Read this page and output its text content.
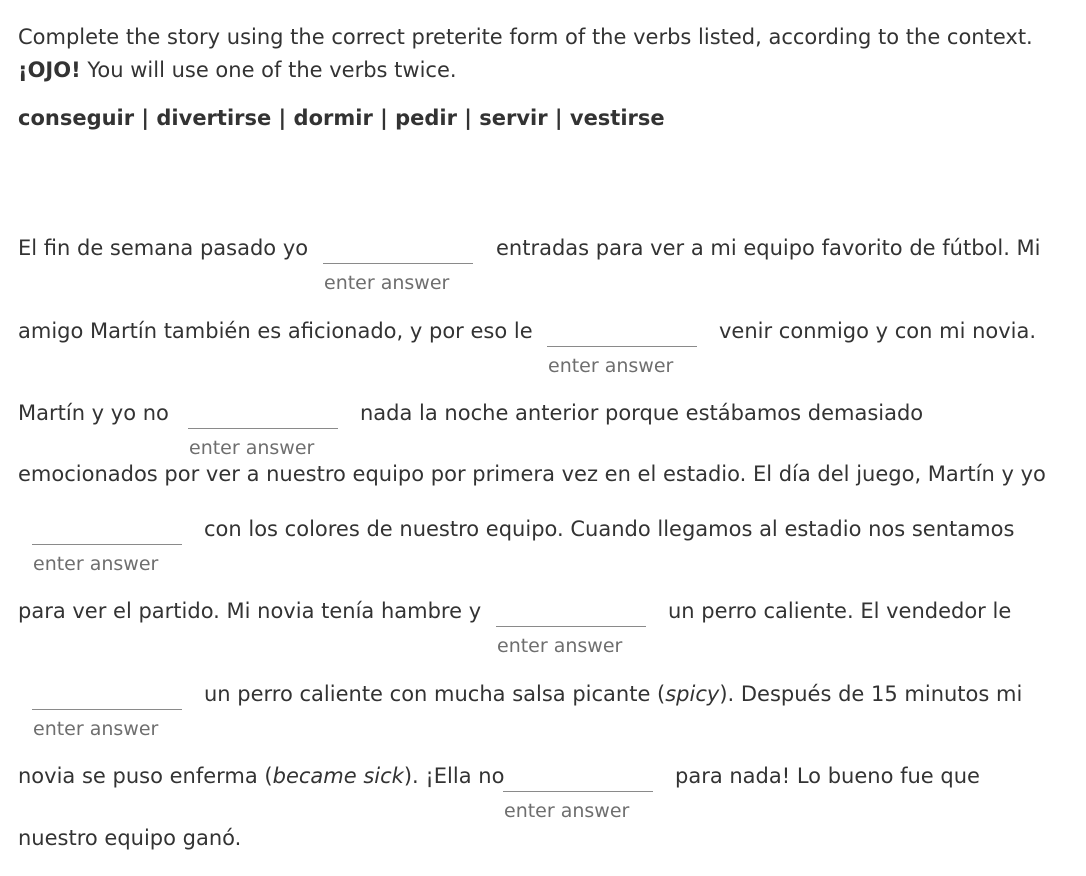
Complete the story using the correct preterite form of the verbs listed, according to the context.
¡OJO! You will use one of the verbs twice.
conseguir | divertirse | dormir | pedir | servir | vestirse
El fin de semana pasado yo
enter answer
entradas para ver a mi equipo favorito de fútbol. Mi
amigo Martín también es aficionado, y por eso le
enter answer
venir conmigo y con mi novia.
Martín y yo no
enter answer
nada la noche anterior porque estábamos demasiado
emocionados por ver a nuestro equipo por primera vez en el estadio. El día del juego, Martín y yo
enter answer
con los colores de nuestro equipo. Cuando llegamos al estadio nos sentamos
para ver el partido. Mi novia tenía hambre y
enter answer
un perro caliente. El vendedor le
enter answer
un perro caliente con mucha salsa picante (spicy). Después de 15 minutos mi
novia se puso enferma (became sick). ¡Ella no
enter answer
para nada! Lo bueno fue que
nuestro equipo ganó.
